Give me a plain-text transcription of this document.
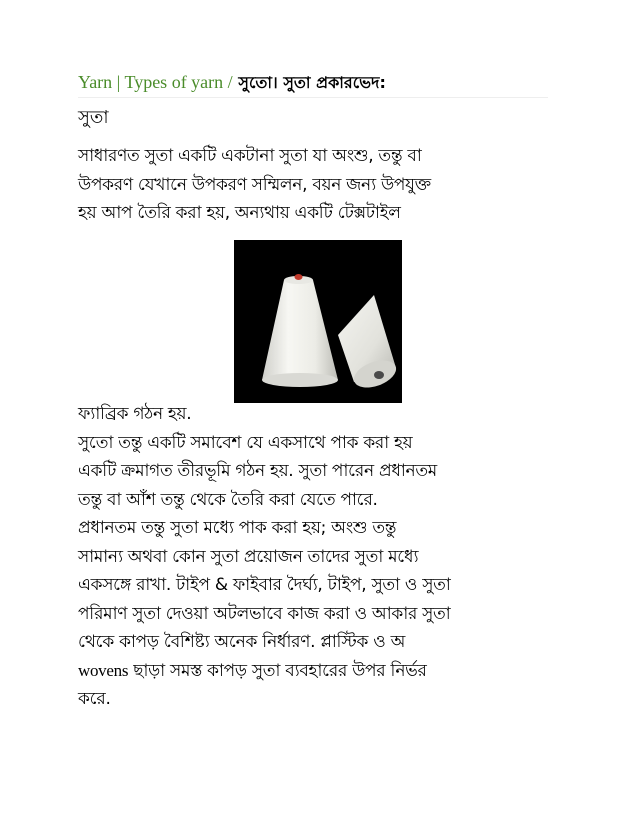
Yarn | Types of yarn / সুতো। সুতা প্রকারভেদ:
সুতা
সাধারণত সুতা একটি একটানা সুতা যা অংশু, তন্তু বা
উপকরণ যেখানে উপকরণ সম্মিলন, বয়ন জন্য উপযুক্ত
হয় আপ তৈরি করা হয়, অন্যথায় একটি টেক্সটাইল
ফ্যাব্রিক গঠন হয়.
সুতো তন্তু একটি সমাবেশ যে একসাথে পাক করা হয়
একটি ক্রমাগত তীরভূমি গঠন হয়. সুতা পারেন প্রধানতম
তন্তু বা আঁশ তন্তু থেকে তৈরি করা যেতে পারে.
প্রধানতম তন্তু সুতা মধ্যে পাক করা হয়; অংশু তন্তু
সামান্য অথবা কোন সুতা প্রয়োজন তাদের সুতা মধ্যে
একসঙ্গে রাখা. টাইপ & ফাইবার দৈর্ঘ্য, টাইপ, সুতা ও সুতা
পরিমাণ সুতা দেওয়া অটলভাবে কাজ করা ও আকার সুতা
থেকে কাপড় বৈশিষ্ট্য অনেক নির্ধারণ. প্লাস্টিক ও অ
wovens ছাড়া সমস্ত কাপড় সুতা ব্যবহারের উপর নির্ভর
করে.
